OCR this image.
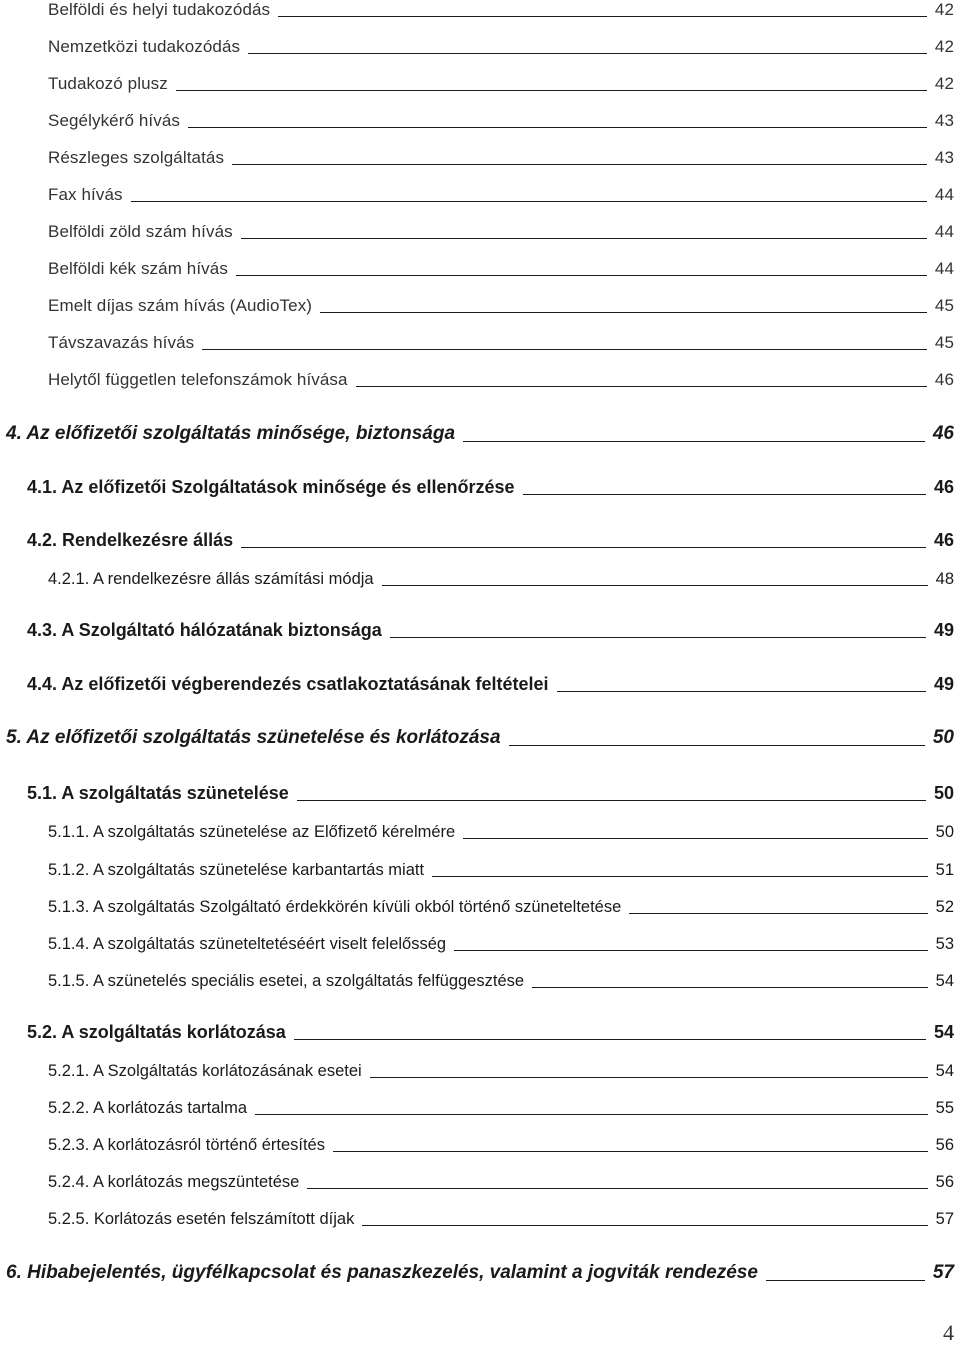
Belföldi és helyi tudakozódás	42
Nemzetközi tudakozódás	42
Tudakozó plusz	42
Segélykérő hívás	43
Részleges szolgáltatás	43
Fax hívás	44
Belföldi zöld szám hívás	44
Belföldi kék szám hívás	44
Emelt díjas szám hívás (AudioTex)	45
Távszavazás hívás	45
Helytől független telefonszámok hívása	46
4. Az előfizetői szolgáltatás minősége, biztonsága	46
4.1. Az előfizetői Szolgáltatások minősége és ellenőrzése	46
4.2. Rendelkezésre állás	46
4.2.1. A rendelkezésre állás számítási módja	48
4.3. A Szolgáltató hálózatának biztonsága	49
4.4. Az előfizetői végberendezés csatlakoztatásának feltételei	49
5. Az előfizetői szolgáltatás szünetelése és korlátozása	50
5.1. A szolgáltatás szünetelése	50
5.1.1. A szolgáltatás szünetelése az Előfizető kérelmére	50
5.1.2. A szolgáltatás szünetelése karbantartás miatt	51
5.1.3. A szolgáltatás Szolgáltató érdekkörén kívüli okból történő szüneteltetése	52
5.1.4. A szolgáltatás szüneteltetéséért viselt felelősség	53
5.1.5. A szünetelés speciális esetei, a szolgáltatás felfüggesztése	54
5.2. A szolgáltatás korlátozása	54
5.2.1. A Szolgáltatás korlátozásának esetei	54
5.2.2. A korlátozás tartalma	55
5.2.3. A korlátozásról történő értesítés	56
5.2.4. A korlátozás megszüntetése	56
5.2.5. Korlátozás esetén felszámított díjak	57
6. Hibabejelentés, ügyfélkapcsolat és panaszkezelés, valamint a jogviták rendezése	57
4
